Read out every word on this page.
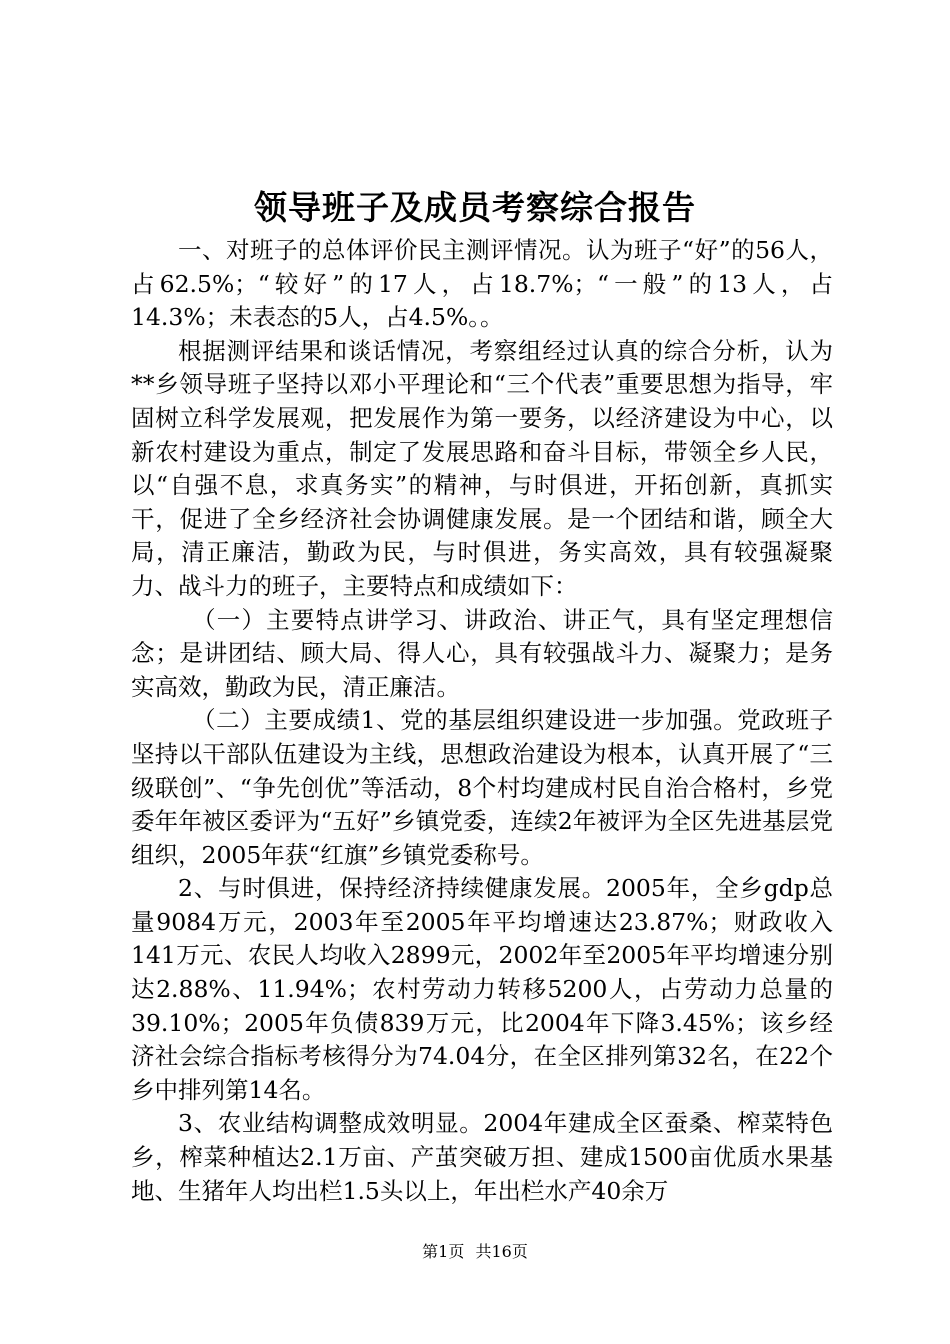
领导班子及成员考察综合报告

一、对班子的总体评价民主测评情况。认为班子“好”的56人，占62.5%；“较好”的17人，占18.7%；“一般”的13人，占14.3%；未表态的5人，占4.5%。。

根据测评结果和谈话情况，考察组经过认真的综合分析，认为**乡领导班子坚持以邓小平理论和“三个代表”重要思想为指导，牢固树立科学发展观，把发展作为第一要务，以经济建设为中心，以新农村建设为重点，制定了发展思路和奋斗目标，带领全乡人民，以“自强不息，求真务实”的精神，与时俱进，开拓创新，真抓实干，促进了全乡经济社会协调健康发展。是一个团结和谐，顾全大局，清正廉洁，勤政为民，与时俱进，务实高效，具有较强凝聚力、战斗力的班子，主要特点和成绩如下：

（一）主要特点讲学习、讲政治、讲正气，具有坚定理想信念；是讲团结、顾大局、得人心，具有较强战斗力、凝聚力；是务实高效，勤政为民，清正廉洁。

（二）主要成绩1、党的基层组织建设进一步加强。党政班子坚持以干部队伍建设为主线，思想政治建设为根本，认真开展了“三级联创”、“争先创优”等活动，8个村均建成村民自治合格村，乡党委年年被区委评为“五好”乡镇党委，连续2年被评为全区先进基层党组织，2005年获“红旗”乡镇党委称号。

2、与时俱进，保持经济持续健康发展。2005年，全乡gdp总量9084万元，2003年至2005年平均增速达23.87%；财政收入141万元、农民人均收入2899元，2002年至2005年平均增速分别达2.88%、11.94%；农村劳动力转移5200人，占劳动力总量的39.10%；2005年负债839万元，比2004年下降3.45%；该乡经济社会综合指标考核得分为74.04分，在全区排列第32名，在22个乡中排列第14名。

3、农业结构调整成效明显。2004年建成全区蚕桑、榨菜特色乡，榨菜种植达2.1万亩、产茧突破万担、建成1500亩优质水果基地、生猪年人均出栏1.5头以上，年出栏水产40余万

第1页 共16页
